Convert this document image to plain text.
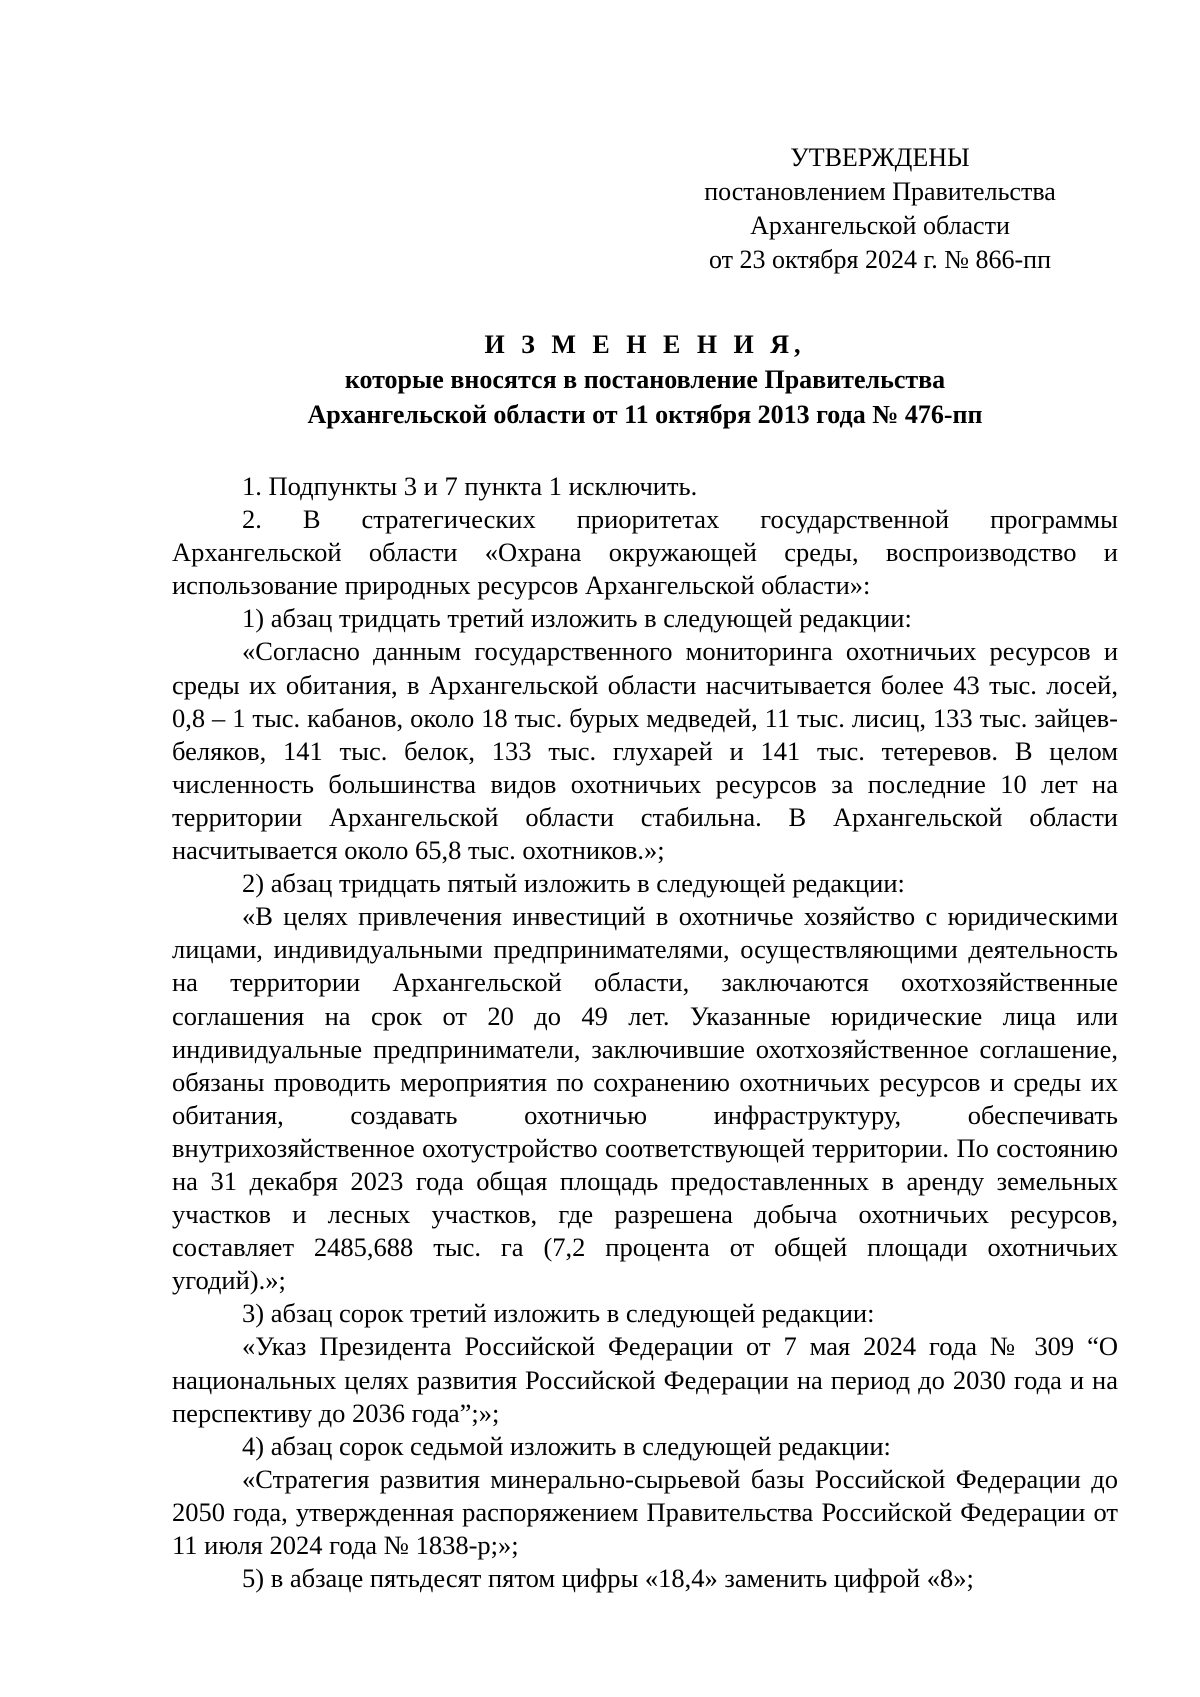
УТВЕРЖДЕНЫ
постановлением Правительства
Архангельской области
от 23 октября 2024 г. № 866-пп
И З М Е Н Е Н И Я,
которые вносятся в постановление Правительства
Архангельской области от 11 октября 2013 года № 476-пп

1. Подпункты 3 и 7 пункта 1 исключить.

2. В стратегических приоритетах государственной программы Архангельской области «Охрана окружающей среды, воспроизводство и использование природных ресурсов Архангельской области»:

1) абзац тридцать третий изложить в следующей редакции:

«Согласно данным государственного мониторинга охотничьих ресурсов и среды их обитания, в Архангельской области насчитывается более 43 тыс. лосей, 0,8 – 1 тыс. кабанов, около 18 тыс. бурых медведей, 11 тыс. лисиц, 133 тыс. зайцев-беляков, 141 тыс. белок, 133 тыс. глухарей и 141 тыс. тетеревов. В целом численность большинства видов охотничьих ресурсов за последние 10 лет на территории Архангельской области стабильна. В Архангельской области насчитывается около 65,8 тыс. охотников.»;

2) абзац тридцать пятый изложить в следующей редакции:

«В целях привлечения инвестиций в охотничье хозяйство с юридическими лицами, индивидуальными предпринимателями, осуществляющими деятельность на территории Архангельской области, заключаются охотхозяйственные соглашения на срок от 20 до 49 лет. Указанные юридические лица или индивидуальные предприниматели, заключившие охотхозяйственное соглашение, обязаны проводить мероприятия по сохранению охотничьих ресурсов и среды их обитания, создавать охотничью инфраструктуру, обеспечивать внутрихозяйственное охотустройство соответствующей территории. По состоянию на 31 декабря 2023 года общая площадь предоставленных в аренду земельных участков и лесных участков, где разрешена добыча охотничьих ресурсов, составляет 2485,688 тыс. га (7,2 процента от общей площади охотничьих угодий).»;

3) абзац сорок третий изложить в следующей редакции:

«Указ Президента Российской Федерации от 7 мая 2024 года № 309 “О национальных целях развития Российской Федерации на период до 2030 года и на перспективу до 2036 года”;»;

4) абзац сорок седьмой изложить в следующей редакции:

«Стратегия развития минерально-сырьевой базы Российской Федерации до 2050 года, утвержденная распоряжением Правительства Российской Федерации от 11 июля 2024 года № 1838-р;»;

5) в абзаце пятьдесят пятом цифры «18,4» заменить цифрой «8»;
